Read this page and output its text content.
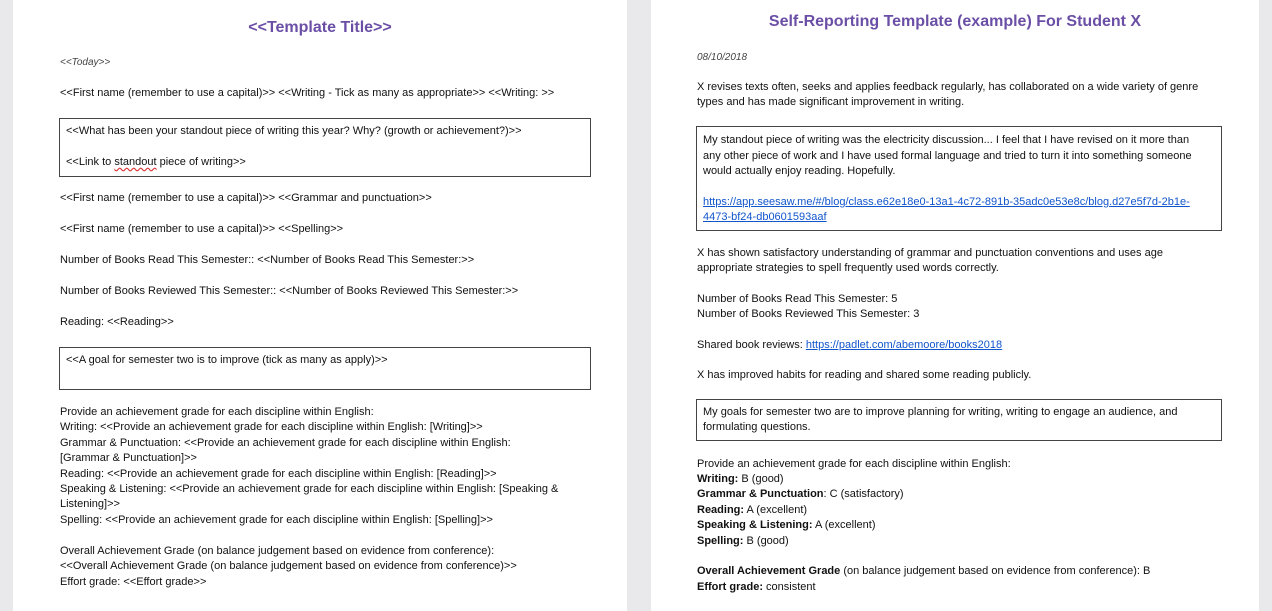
<<Template Title>>
<<Today>>
<<First name (remember to use a capital)>> <<Writing - Tick as many as appropriate>> <<Writing: >>
<<What has been your standout piece of writing this year? Why? (growth or achievement?)>>
<<Link to standout piece of writing>>
<<First name (remember to use a capital)>> <<Grammar and punctuation>>
<<First name (remember to use a capital)>> <<Spelling>>
Number of Books Read This Semester:: <<Number of Books Read This Semester:>>
Number of Books Reviewed This Semester:: <<Number of Books Reviewed This Semester:>>
Reading: <<Reading>>
<<A goal for semester two is to improve (tick as many as apply)>>
Provide an achievement grade for each discipline within English:
Writing: <<Provide an achievement grade for each discipline within English: [Writing]>>
Grammar & Punctuation: <<Provide an achievement grade for each discipline within English:
[Grammar & Punctuation]>>
Reading: <<Provide an achievement grade for each discipline within English: [Reading]>>
Speaking & Listening: <<Provide an achievement grade for each discipline within English: [Speaking &
Listening]>>
Spelling: <<Provide an achievement grade for each discipline within English: [Spelling]>>
Overall Achievement Grade (on balance judgement based on evidence from conference):
<<Overall Achievement Grade (on balance judgement based on evidence from conference)>>
Effort grade: <<Effort grade>>
Self-Reporting Template (example) For Student X
08/10/2018
X revises texts often, seeks and applies feedback regularly, has collaborated on a wide variety of genre
types and has made significant improvement in writing.
My standout piece of writing was the electricity discussion... I feel that I have revised on it more than
any other piece of work and I have used formal language and tried to turn it into something someone
would actually enjoy reading. Hopefully.
https://app.seesaw.me/#/blog/class.e62e18e0-13a1-4c72-891b-35adc0e53e8c/blog.d27e5f7d-2b1e-
4473-bf24-db0601593aaf
X has shown satisfactory understanding of grammar and punctuation conventions and uses age
appropriate strategies to spell frequently used words correctly.
Number of Books Read This Semester: 5
Number of Books Reviewed This Semester: 3
Shared book reviews: https://padlet.com/abemoore/books2018
X has improved habits for reading and shared some reading publicly.
My goals for semester two are to improve planning for writing, writing to engage an audience, and
formulating questions.
Provide an achievement grade for each discipline within English:
Writing: B (good)
Grammar & Punctuation: C (satisfactory)
Reading: A (excellent)
Speaking & Listening: A (excellent)
Spelling: B (good)
Overall Achievement Grade (on balance judgement based on evidence from conference): B
Effort grade: consistent
